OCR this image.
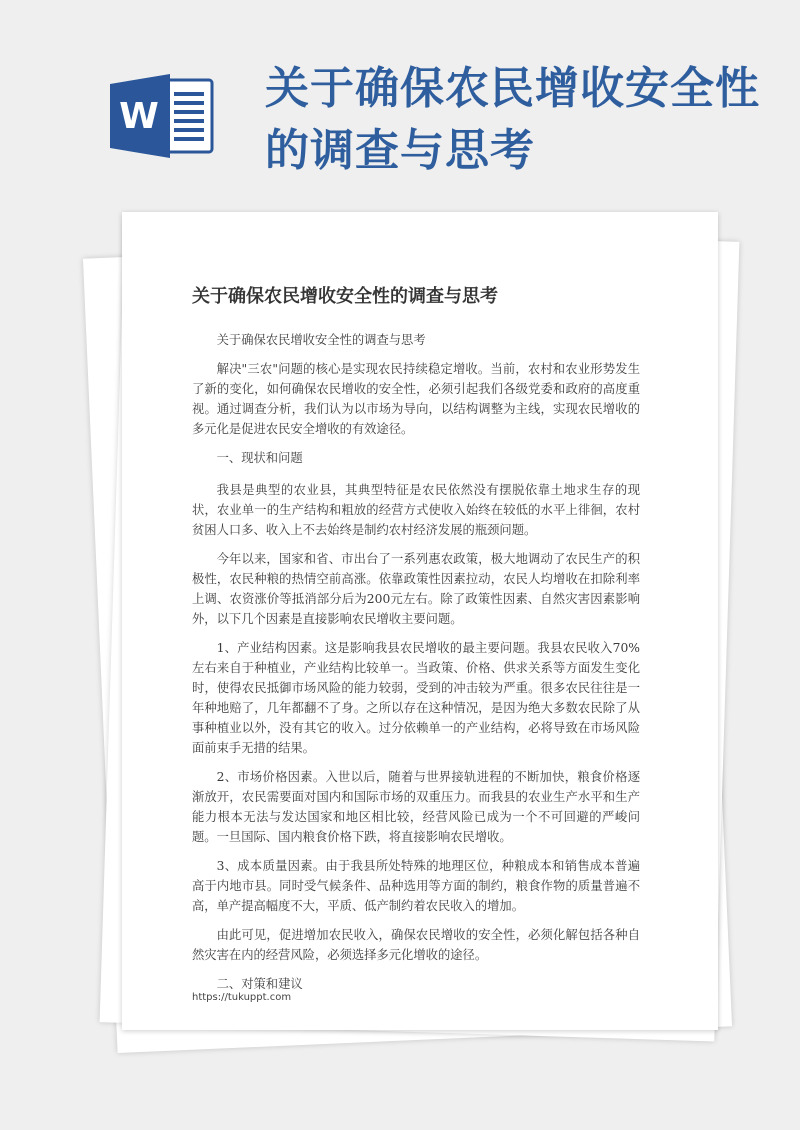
W
关于确保农民增收安全性的调查与思考
关于确保农民增收安全性的调查与思考

关于确保农民增收安全性的调查与思考

解决"三农"问题的核心是实现农民持续稳定增收。当前，农村和农业形势发生了新的变化，如何确保农民增收的安全性，必须引起我们各级党委和政府的高度重视。通过调查分析，我们认为以市场为导向，以结构调整为主线，实现农民增收的多元化是促进农民安全增收的有效途径。

一、现状和问题

我县是典型的农业县，其典型特征是农民依然没有摆脱依靠土地求生存的现状，农业单一的生产结构和粗放的经营方式使收入始终在较低的水平上徘徊，农村贫困人口多、收入上不去始终是制约农村经济发展的瓶颈问题。

今年以来，国家和省、市出台了一系列惠农政策，极大地调动了农民生产的积极性，农民种粮的热情空前高涨。依靠政策性因素拉动，农民人均增收在扣除利率上调、农资涨价等抵消部分后为200元左右。除了政策性因素、自然灾害因素影响外，以下几个因素是直接影响农民增收主要问题。

1、产业结构因素。这是影响我县农民增收的最主要问题。我县农民收入70%左右来自于种植业，产业结构比较单一。当政策、价格、供求关系等方面发生变化时，使得农民抵御市场风险的能力较弱，受到的冲击较为严重。很多农民往往是一年种地赔了，几年都翻不了身。之所以存在这种情况，是因为绝大多数农民除了从事种植业以外，没有其它的收入。过分依赖单一的产业结构，必将导致在市场风险面前束手无措的结果。

2、市场价格因素。入世以后，随着与世界接轨进程的不断加快，粮食价格逐渐放开，农民需要面对国内和国际市场的双重压力。而我县的农业生产水平和生产能力根本无法与发达国家和地区相比较，经营风险已成为一个不可回避的严峻问题。一旦国际、国内粮食价格下跌，将直接影响农民增收。

3、成本质量因素。由于我县所处特殊的地理区位，种粮成本和销售成本普遍高于内地市县。同时受气候条件、品种选用等方面的制约，粮食作物的质量普遍不高，单产提高幅度不大，平质、低产制约着农民收入的增加。

由此可见，促进增加农民收入，确保农民增收的安全性，必须化解包括各种自然灾害在内的经营风险，必须选择多元化增收的途径。

二、对策和建议

https://tukuppt.com
